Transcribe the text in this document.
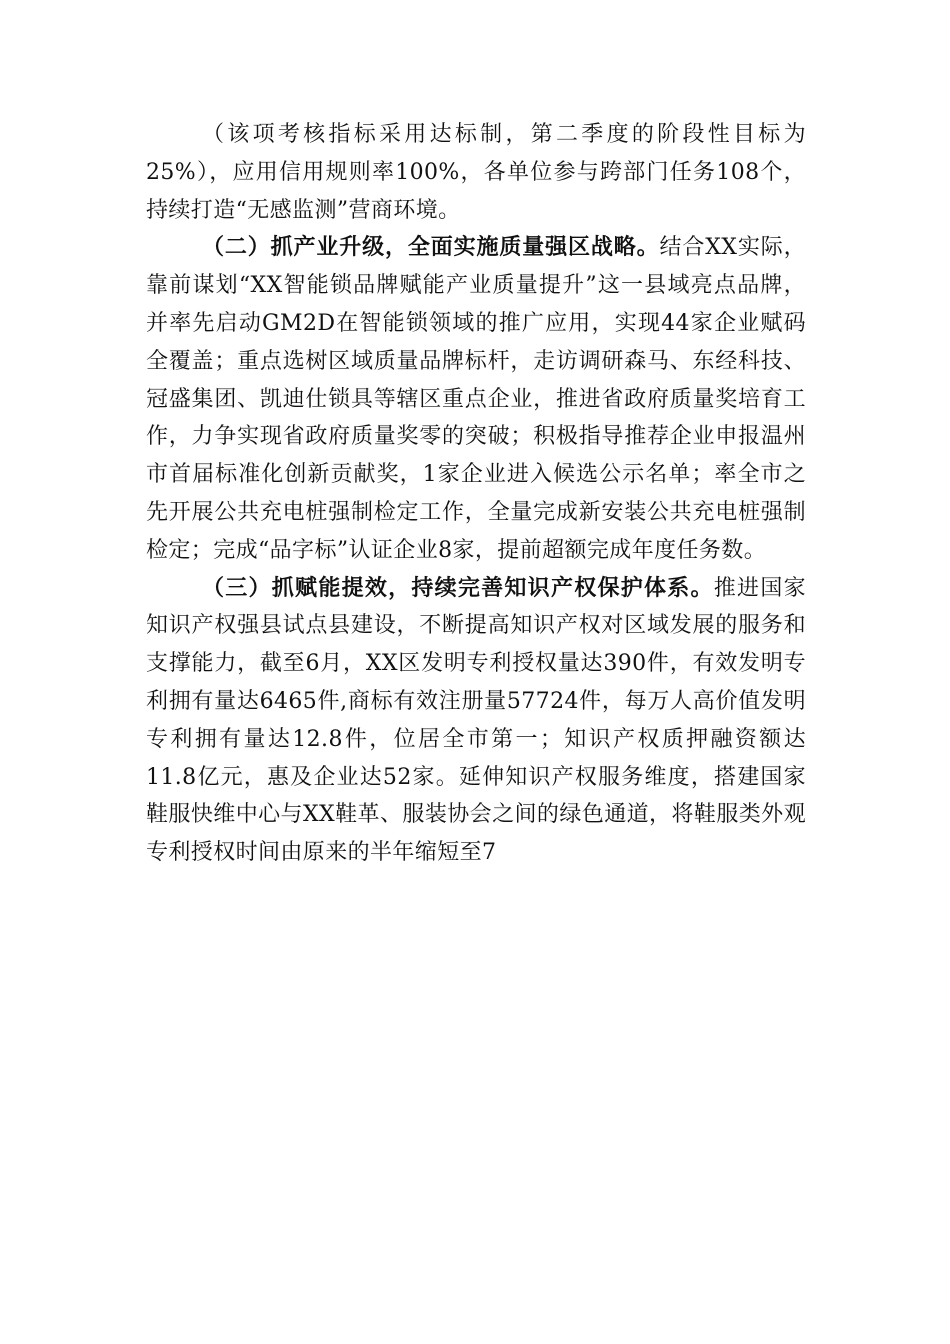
（该项考核指标采用达标制，第二季度的阶段性目标为25%），应用信用规则率100%，各单位参与跨部门任务108个，持续打造“无感监测”营商环境。

（二）抓产业升级，全面实施质量强区战略。结合XX实际，靠前谋划“XX智能锁品牌赋能产业质量提升”这一县域亮点品牌，并率先启动GM2D在智能锁领域的推广应用，实现44家企业赋码全覆盖；重点选树区域质量品牌标杆，走访调研森马、东经科技、冠盛集团、凯迪仕锁具等辖区重点企业，推进省政府质量奖培育工作，力争实现省政府质量奖零的突破；积极指导推荐企业申报温州市首届标准化创新贡献奖，1家企业进入候选公示名单；率全市之先开展公共充电桩强制检定工作，全量完成新安装公共充电桩强制检定；完成“品字标”认证企业8家，提前超额完成年度任务数。

（三）抓赋能提效，持续完善知识产权保护体系。推进国家知识产权强县试点县建设，不断提高知识产权对区域发展的服务和支撑能力，截至6月，XX区发明专利授权量达390件，有效发明专利拥有量达6465件,商标有效注册量57724件，每万人高价值发明专利拥有量达12.8件，位居全市第一；知识产权质押融资额达11.8亿元，惠及企业达52家。延伸知识产权服务维度，搭建国家鞋服快维中心与XX鞋革、服装协会之间的绿色通道，将鞋服类外观专利授权时间由原来的半年缩短至7
